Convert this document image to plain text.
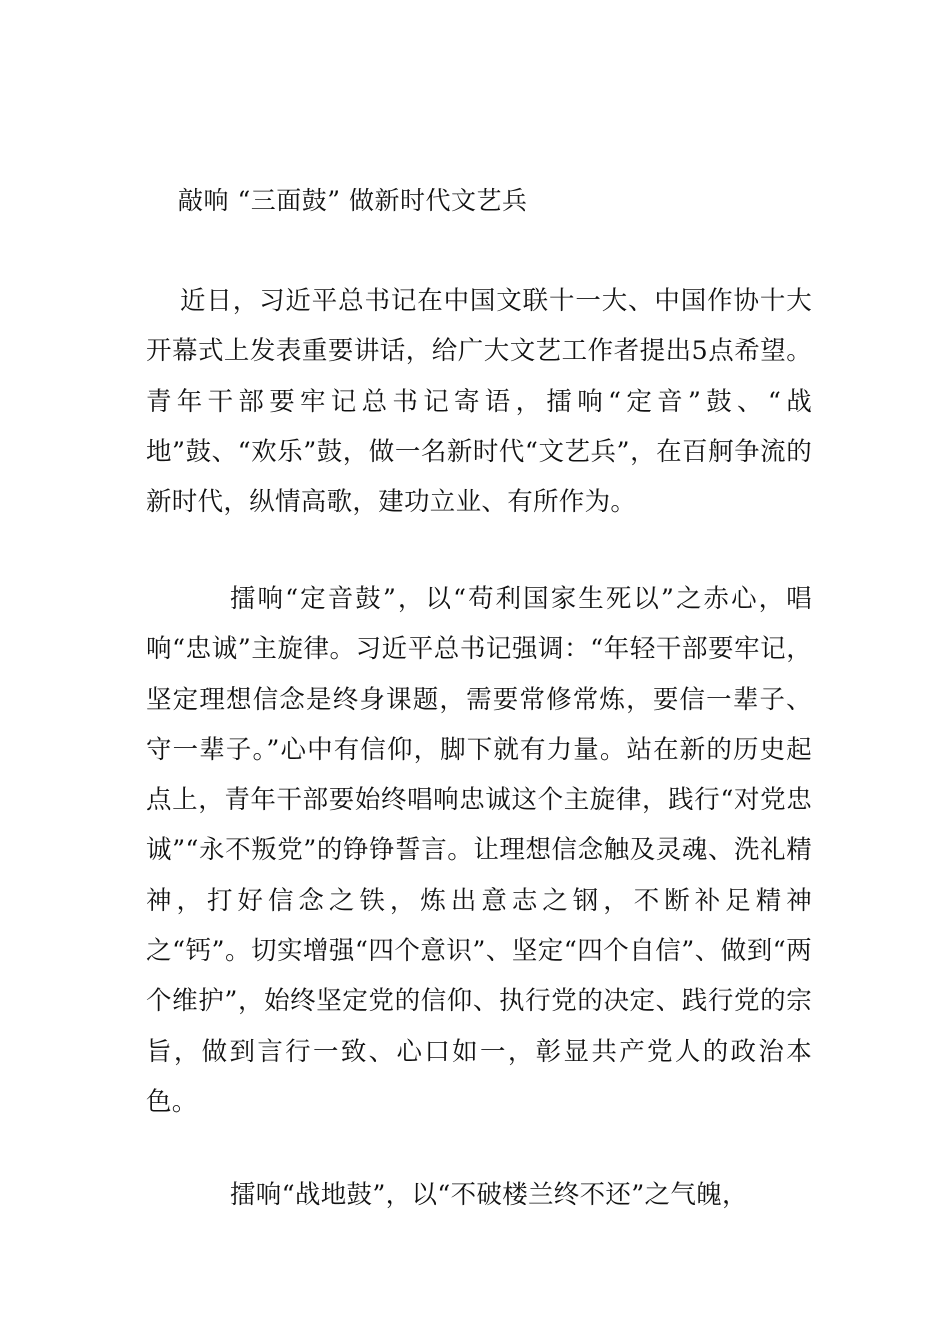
敲响 “三面鼓” 做新时代文艺兵

近日，习近平总书记在中国文联十一大、中国作协十大开幕式上发表重要讲话，给广大文艺工作者提出5点希望。青年干部要牢记总书记寄语，擂响“定音”鼓、“战地”鼓、“欢乐”鼓，做一名新时代“文艺兵”，在百舸争流的新时代，纵情高歌，建功立业、有所作为。

擂响“定音鼓”，以“苟利国家生死以”之赤心，唱响“忠诚”主旋律。习近平总书记强调：“年轻干部要牢记，坚定理想信念是终身课题，需要常修常炼，要信一辈子、守一辈子。”心中有信仰，脚下就有力量。站在新的历史起点上，青年干部要始终唱响忠诚这个主旋律，践行“对党忠诚”“永不叛党”的铮铮誓言。让理想信念触及灵魂、洗礼精神，打好信念之铁，炼出意志之钢，不断补足精神之“钙”。切实增强“四个意识”、坚定“四个自信”、做到“两个维护”，始终坚定党的信仰、执行党的决定、践行党的宗旨，做到言行一致、心口如一，彰显共产党人的政治本色。

擂响“战地鼓”，以“不破楼兰终不还”之气魄，
